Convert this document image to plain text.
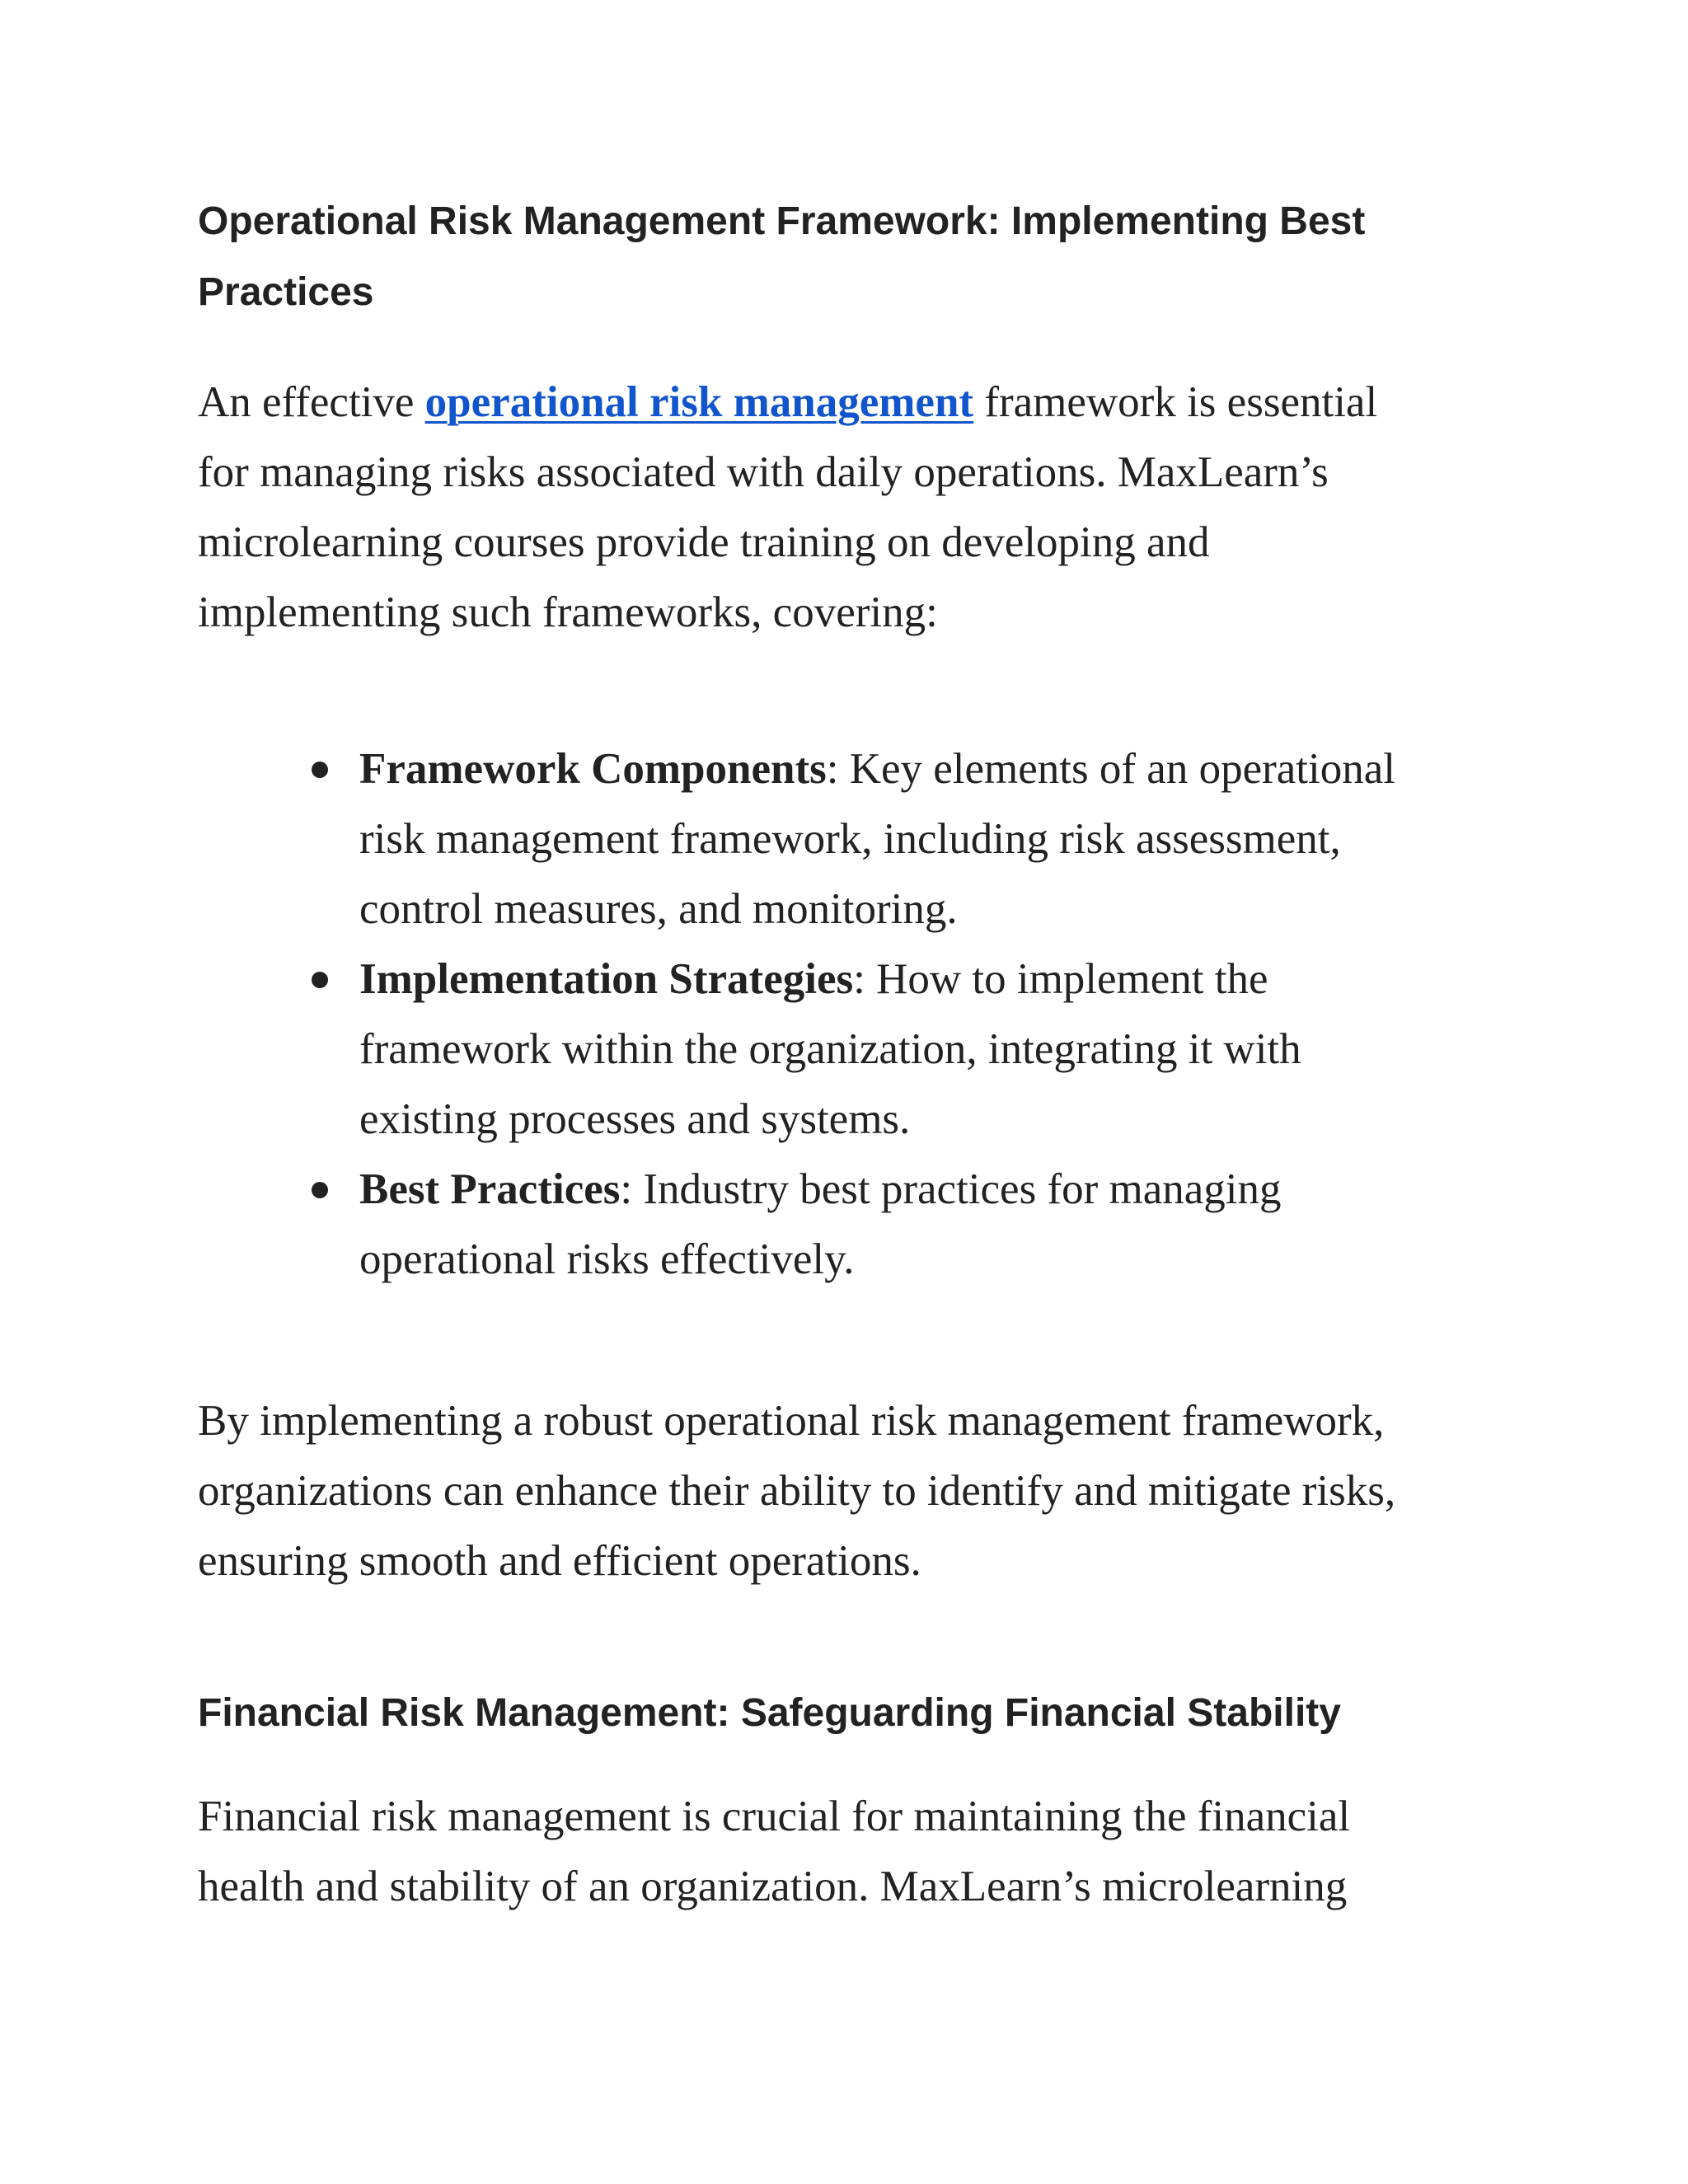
Operational Risk Management Framework: Implementing Best
Practices

An effective operational risk management framework is essential
for managing risks associated with daily operations. MaxLearn’s
microlearning courses provide training on developing and
implementing such frameworks, covering:

Framework Components: Key elements of an operational
risk management framework, including risk assessment,
control measures, and monitoring.
Implementation Strategies: How to implement the
framework within the organization, integrating it with
existing processes and systems.
Best Practices: Industry best practices for managing
operational risks effectively.

By implementing a robust operational risk management framework,
organizations can enhance their ability to identify and mitigate risks,
ensuring smooth and efficient operations.

Financial Risk Management: Safeguarding Financial Stability

Financial risk management is crucial for maintaining the financial
health and stability of an organization. MaxLearn’s microlearning
